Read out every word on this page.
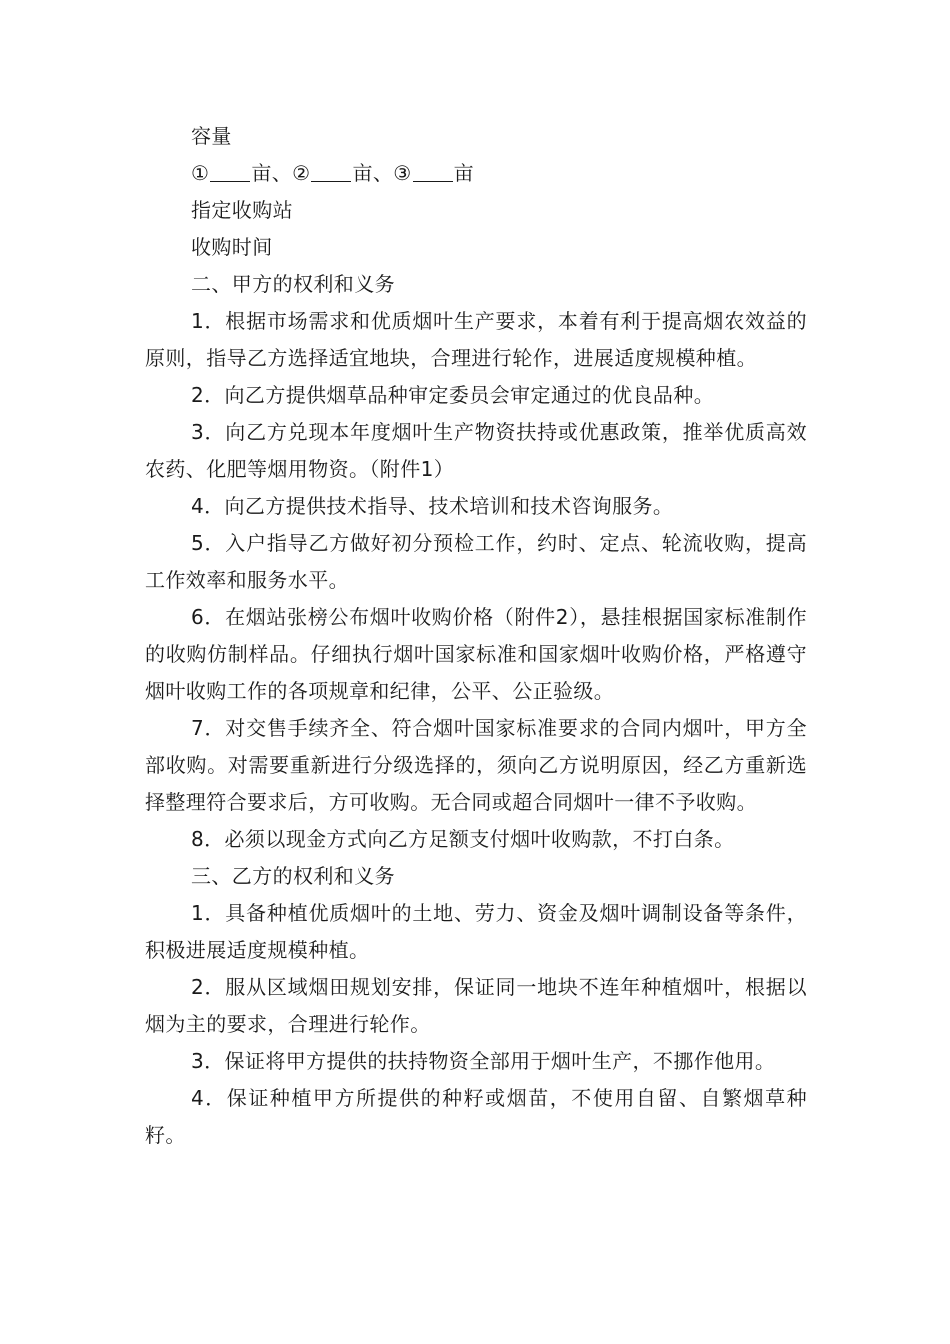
容量
① 亩、② 亩、③ 亩
指定收购站
收购时间
二、甲方的权利和义务

1．根据市场需求和优质烟叶生产要求，本着有利于提高烟农效益的原则，指导乙方选择适宜地块，合理进行轮作，进展适度规模种植。

2．向乙方提供烟草品种审定委员会审定通过的优良品种。

3．向乙方兑现本年度烟叶生产物资扶持或优惠政策，推举优质高效农药、化肥等烟用物资。（附件1）

4．向乙方提供技术指导、技术培训和技术咨询服务。

5．入户指导乙方做好初分预检工作，约时、定点、轮流收购，提高工作效率和服务水平。

6．在烟站张榜公布烟叶收购价格（附件2），悬挂根据国家标准制作的收购仿制样品。仔细执行烟叶国家标准和国家烟叶收购价格，严格遵守烟叶收购工作的各项规章和纪律，公平、公正验级。

7．对交售手续齐全、符合烟叶国家标准要求的合同内烟叶，甲方全部收购。对需要重新进行分级选择的，须向乙方说明原因，经乙方重新选择整理符合要求后，方可收购。无合同或超合同烟叶一律不予收购。

8．必须以现金方式向乙方足额支付烟叶收购款，不打白条。

三、乙方的权利和义务

1．具备种植优质烟叶的土地、劳力、资金及烟叶调制设备等条件，积极进展适度规模种植。

2．服从区域烟田规划安排，保证同一地块不连年种植烟叶，根据以烟为主的要求，合理进行轮作。

3．保证将甲方提供的扶持物资全部用于烟叶生产，不挪作他用。

4．保证种植甲方所提供的种籽或烟苗，不使用自留、自繁烟草种籽。
